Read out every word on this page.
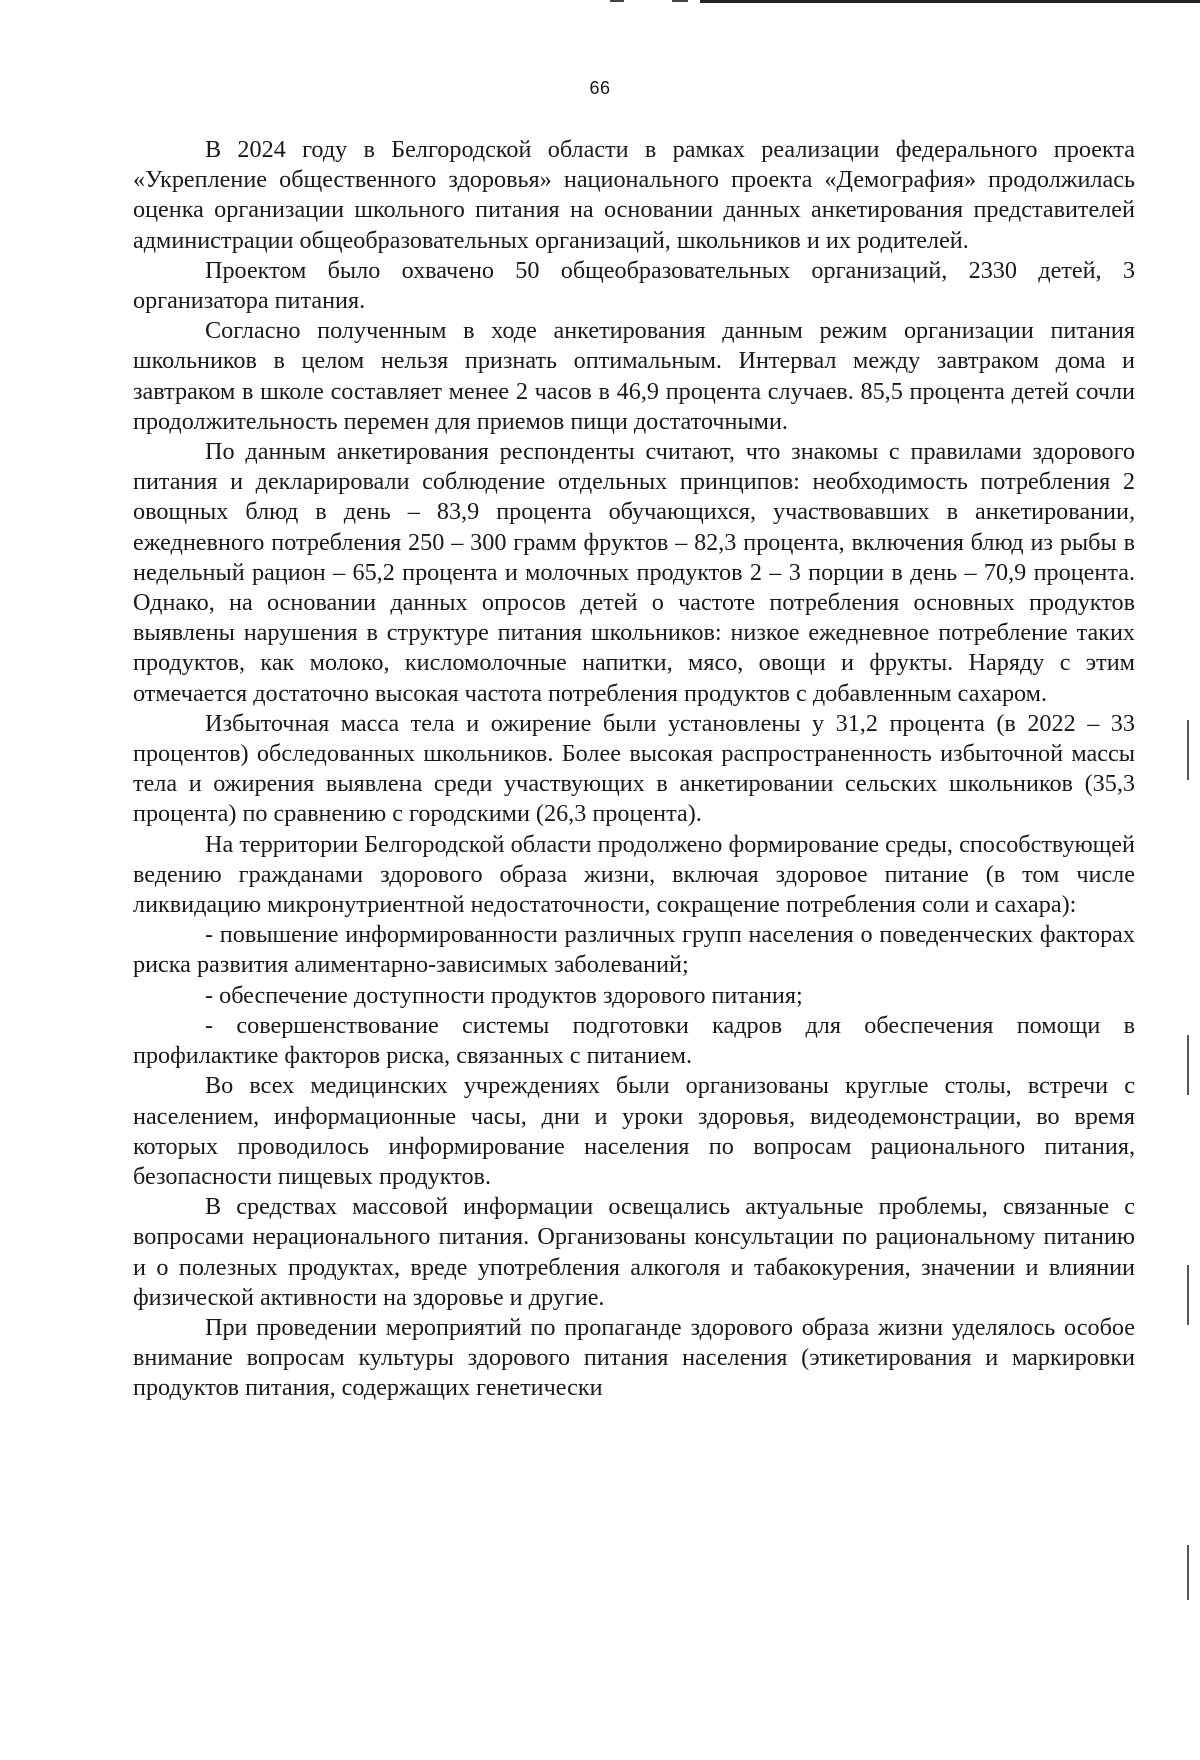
66

В 2024 году в Белгородской области в рамках реализации федерального проекта «Укрепление общественного здоровья» национального проекта «Демография» продолжилась оценка организации школьного питания на основании данных анкетирования представителей администрации общеобразовательных организаций, школьников и их родителей.

Проектом было охвачено 50 общеобразовательных организаций, 2330 детей, 3 организатора питания.

Согласно полученным в ходе анкетирования данным режим организации питания школьников в целом нельзя признать оптимальным. Интервал между завтраком дома и завтраком в школе составляет менее 2 часов в 46,9 процента случаев. 85,5 процента детей сочли продолжительность перемен для приемов пищи достаточными.

По данным анкетирования респонденты считают, что знакомы с правилами здорового питания и декларировали соблюдение отдельных принципов: необходимость потребления 2 овощных блюд в день – 83,9 процента обучающихся, участвовавших в анкетировании, ежедневного потребления 250 – 300 грамм фруктов – 82,3 процента, включения блюд из рыбы в недельный рацион – 65,2 процента и молочных продуктов 2 – 3 порции в день – 70,9 процента. Однако, на основании данных опросов детей о частоте потребления основных продуктов выявлены нарушения в структуре питания школьников: низкое ежедневное потребление таких продуктов, как молоко, кисломолочные напитки, мясо, овощи и фрукты. Наряду с этим отмечается достаточно высокая частота потребления продуктов с добавленным сахаром.

Избыточная масса тела и ожирение были установлены у 31,2 процента (в 2022 – 33 процентов) обследованных школьников. Более высокая распространенность избыточной массы тела и ожирения выявлена среди участвующих в анкетировании сельских школьников (35,3 процента) по сравнению с городскими (26,3 процента).

На территории Белгородской области продолжено формирование среды, способствующей ведению гражданами здорового образа жизни, включая здоровое питание (в том числе ликвидацию микронутриентной недостаточности, сокращение потребления соли и сахара):

- повышение информированности различных групп населения о поведенческих факторах риска развития алиментарно-зависимых заболеваний;

- обеспечение доступности продуктов здорового питания;

- совершенствование системы подготовки кадров для обеспечения помощи в профилактике факторов риска, связанных с питанием.

Во всех медицинских учреждениях были организованы круглые столы, встречи с населением, информационные часы, дни и уроки здоровья, видеодемонстрации, во время которых проводилось информирование населения по вопросам рационального питания, безопасности пищевых продуктов.

В средствах массовой информации освещались актуальные проблемы, связанные с вопросами нерационального питания. Организованы консультации по рациональному питанию и о полезных продуктах, вреде употребления алкоголя и табакокурения, значении и влиянии физической активности на здоровье и другие.

При проведении мероприятий по пропаганде здорового образа жизни уделялось особое внимание вопросам культуры здорового питания населения (этикетирования и маркировки продуктов питания, содержащих генетически
